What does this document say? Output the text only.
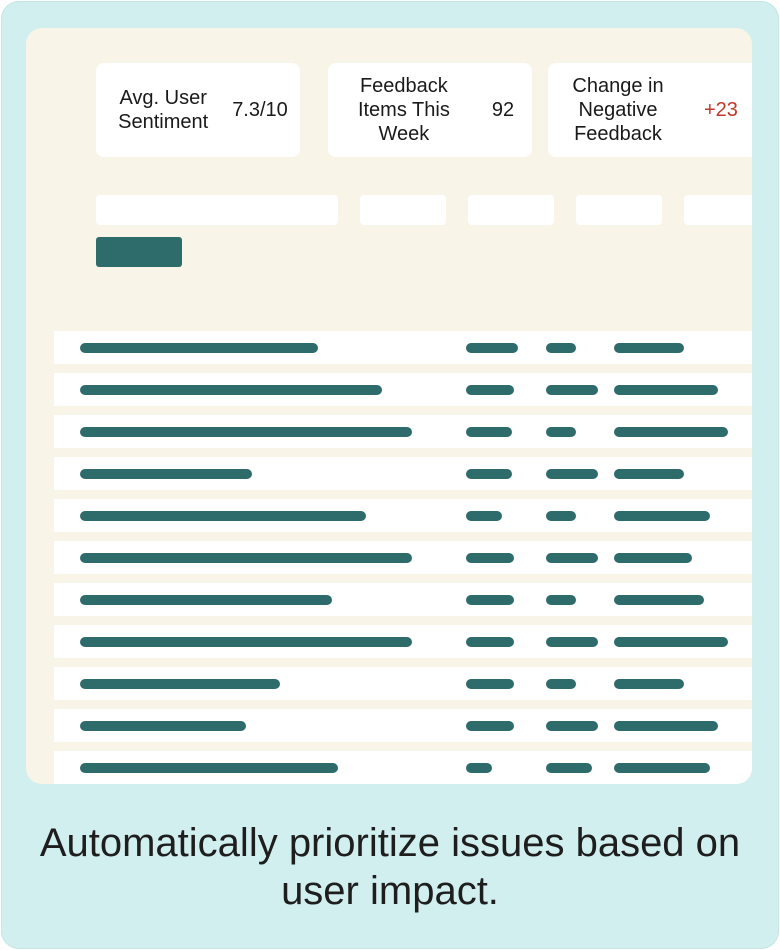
Avg. User Sentiment
7.3/10
Feedback Items This Week
92
Change in Negative Feedback
+23
Automatically prioritize issues based on user impact.
